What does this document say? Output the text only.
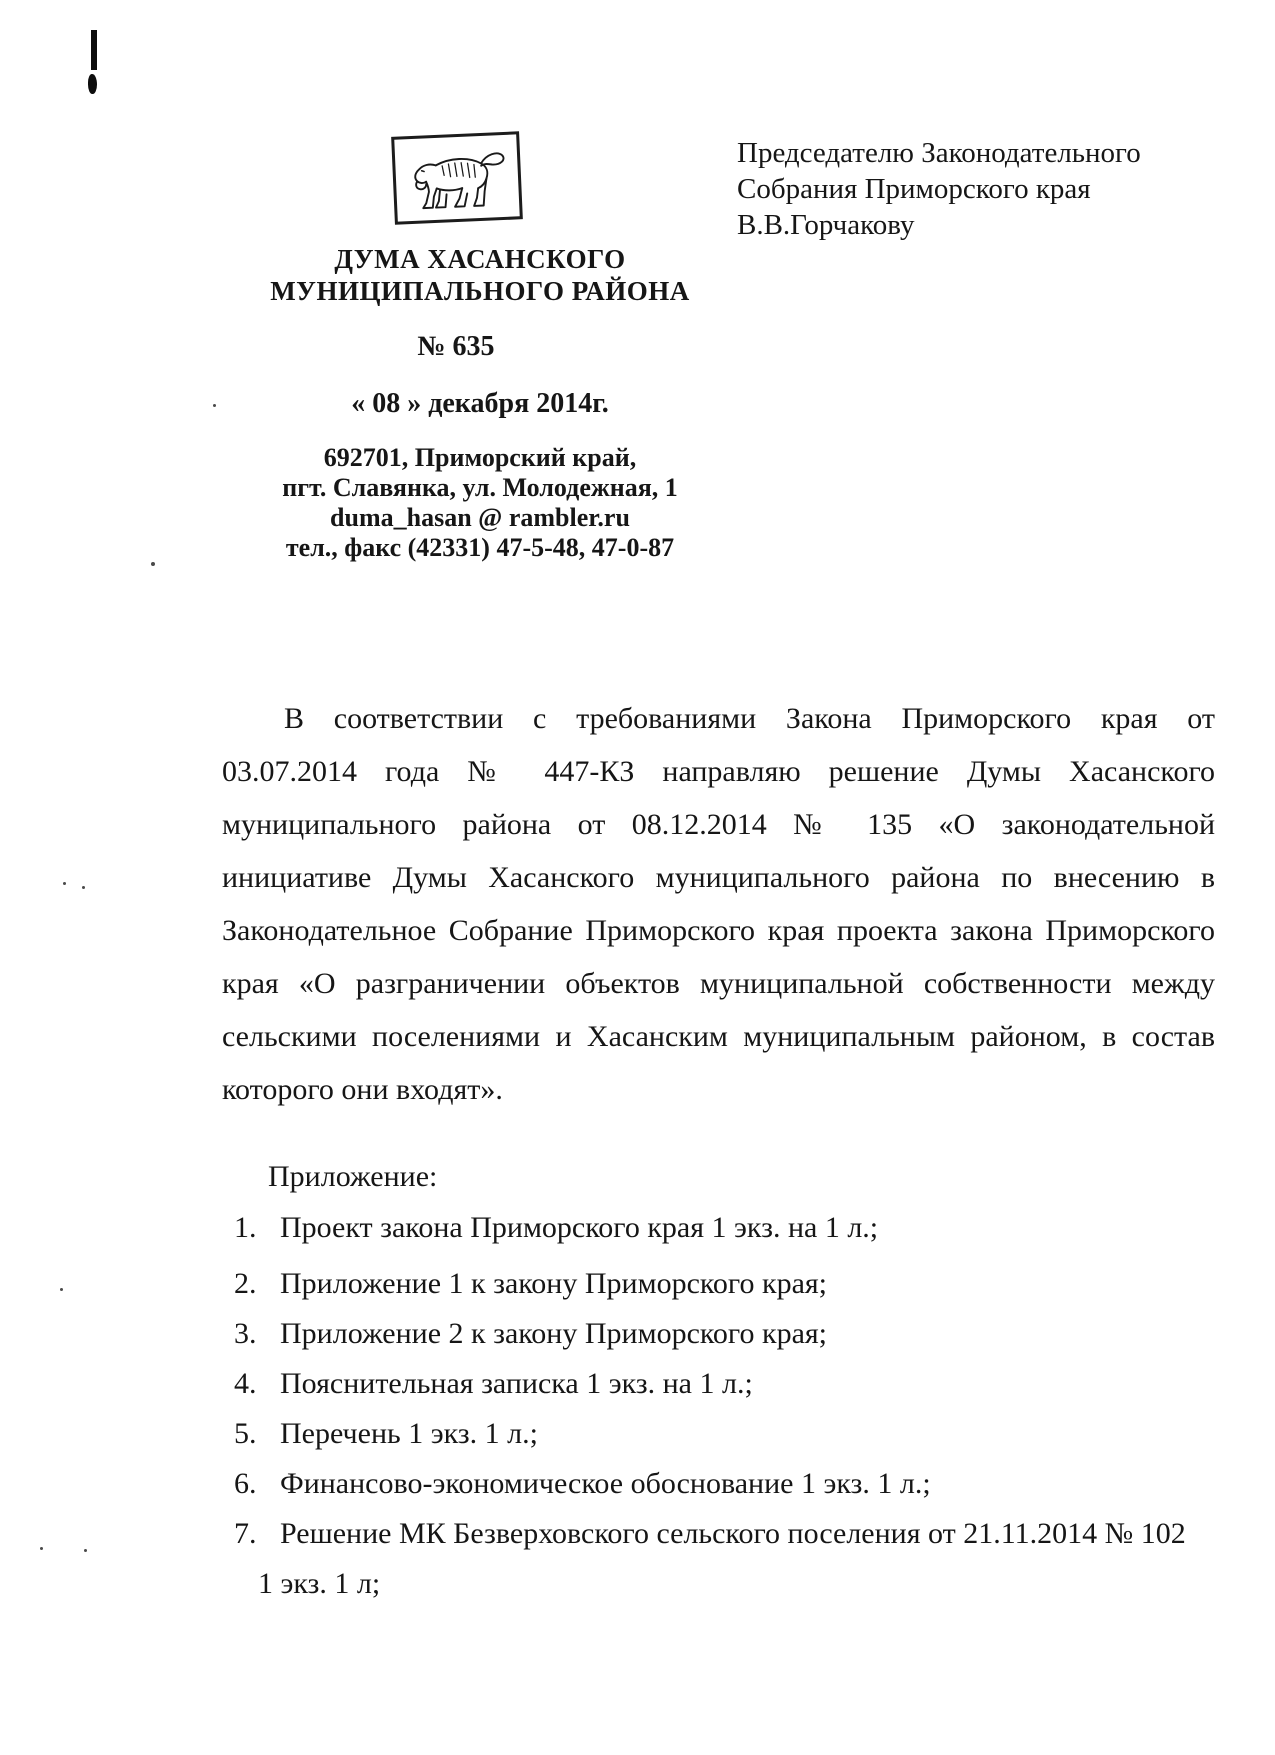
ДУМА ХАСАНСКОГО
МУНИЦИПАЛЬНОГО РАЙОНА
№ 635
« 08 » декабря 2014г.
692701, Приморский край,
пгт. Славянка, ул. Молодежная, 1
duma_hasan @ rambler.ru
тел., факс (42331) 47-5-48, 47-0-87
Председателю Законодательного
Собрания Приморского края
В.В.Горчакову
В соответствии с требованиями Закона Приморского края от
03.07.2014 года № 447-КЗ направляю решение Думы Хасанского
муниципального района от 08.12.2014 № 135 «О законодательной
инициативе Думы Хасанского муниципального района по внесению в
Законодательное Собрание Приморского края проекта закона Приморского
края «О разграничении объектов муниципальной собственности между
сельскими поселениями и Хасанским муниципальным районом, в состав
которого они входят».
Приложение:
1. Проект закона Приморского края 1 экз. на 1 л.;
2. Приложение 1 к закону Приморского края;
3. Приложение 2 к закону Приморского края;
4. Пояснительная записка 1 экз. на 1 л.;
5. Перечень 1 экз. 1 л.;
6. Финансово-экономическое обоснование 1 экз. 1 л.;
7. Решение МК Безверховского сельского поселения от 21.11.2014 № 102
1 экз. 1 л;
